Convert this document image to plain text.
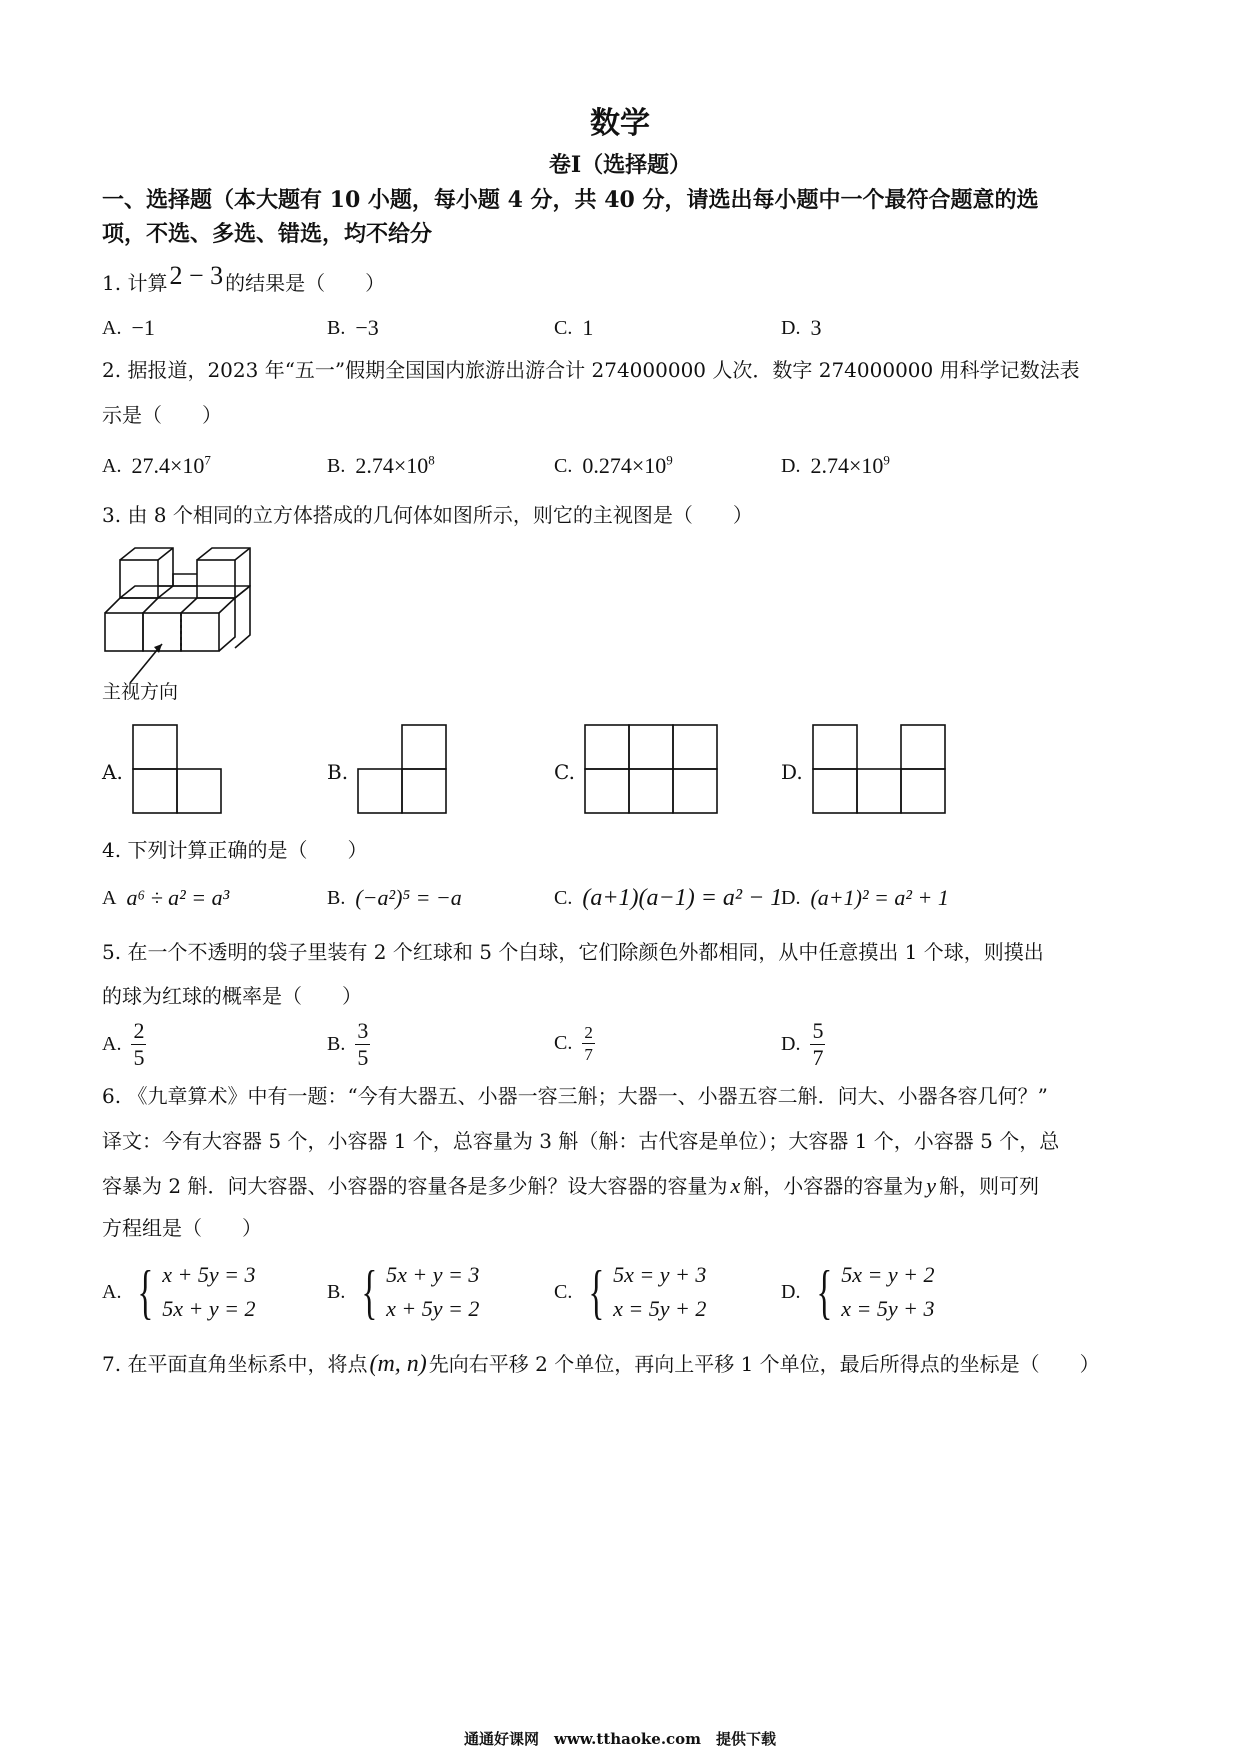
数学
卷Ⅰ（选择题）
一、选择题（本大题有 10 小题，每小题 4 分，共 40 分，请选出每小题中一个最符合题意的选
项，不选、多选、错选，均不给分
1. 计算 2 − 3 的结果是（　　）
A. −1	B. −3	C. 1	D. 3
2. 据报道，2023 年“五一”假期全国国内旅游出游合计 274000000 人次．数字 274000000 用科学记数法表
示是（　　）
A. $27.4\times 10^7$	B. $2.74\times 10^8$	C. $0.274\times 10^9$	D. $2.74\times 10^9$
3. 由 8 个相同的立方体搭成的几何体如图所示，则它的主视图是（　　）
主视方向
A.	B.	C.	D.
4. 下列计算正确的是（　　）
A a⁶ ÷ a² = a³	B. (−a²)⁵ = −a	C. (a+1)(a−1) = a² − 1
D. (a+1)² = a² + 1
5. 在一个不透明的袋子里装有 2 个红球和 5 个白球，它们除颜色外都相同，从中任意摸出 1 个球，则摸出
的球为红球的概率是（　　）
A. $\frac{2}{5}$	B. $\frac{3}{5}$	C. $\frac{2}{7}$	D. $\frac{5}{7}$
6. 《九章算术》中有一题：“今有大器五、小器一容三斛；大器一、小器五容二斛．问大、小器各容几何？”
译文：今有大容器 5 个，小容器 1 个，总容量为 3 斛（斛：古代容是单位）；大容器 1 个，小容器 5 个，总
容暴为 2 斛．问大容器、小容器的容量各是多少斛？设大容器的容量为 x 斛，小容器的容量为 y 斛，则可列
方程组是（　　）
A. { x + 5y = 3
5x + y = 2
B. { 5x + y = 3
x + 5y = 2
C. { 5x = y + 3
x = 5y + 2
D. { 5x = y + 2
x = 5y + 3
7. 在平面直角坐标系中，将点 (m, n) 先向右平移 2 个单位，再向上平移 1 个单位，最后所得点的坐标是（　　）
通通好课网　www.tthaoke.com　提供下载
